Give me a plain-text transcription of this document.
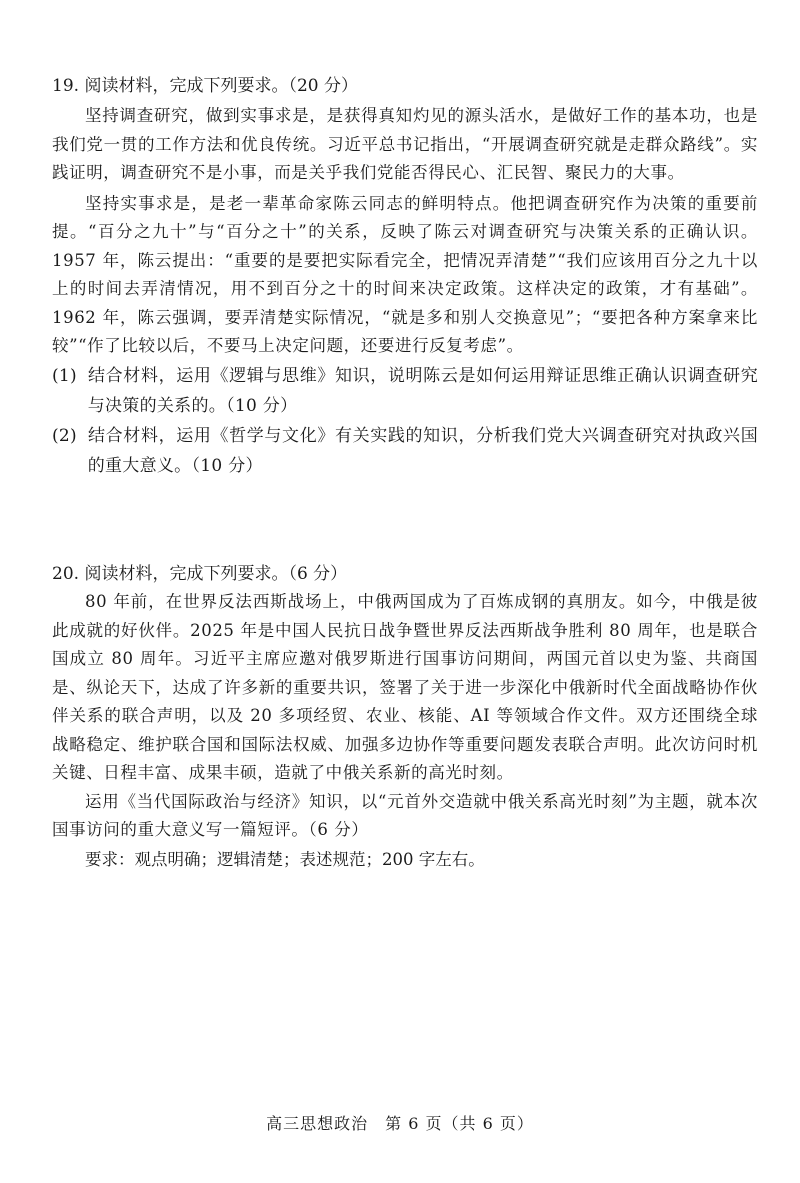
19. 阅读材料，完成下列要求。（20 分）

坚持调查研究，做到实事求是，是获得真知灼见的源头活水，是做好工作的基本功，也是我们党一贯的工作方法和优良传统。习近平总书记指出，“开展调查研究就是走群众路线”。实践证明，调查研究不是小事，而是关乎我们党能否得民心、汇民智、聚民力的大事。

坚持实事求是，是老一辈革命家陈云同志的鲜明特点。他把调查研究作为决策的重要前提。“百分之九十”与“百分之十”的关系，反映了陈云对调查研究与决策关系的正确认识。1957 年，陈云提出：“重要的是要把实际看完全，把情况弄清楚”“我们应该用百分之九十以上的时间去弄清情况，用不到百分之十的时间来决定政策。这样决定的政策，才有基础”。1962 年，陈云强调，要弄清楚实际情况，“就是多和别人交换意见”；“要把各种方案拿来比较”“作了比较以后，不要马上决定问题，还要进行反复考虑”。

(1) 结合材料，运用《逻辑与思维》知识，说明陈云是如何运用辩证思维正确认识调查研究与决策的关系的。（10 分）

(2) 结合材料，运用《哲学与文化》有关实践的知识，分析我们党大兴调查研究对执政兴国的重大意义。（10 分）

20. 阅读材料，完成下列要求。（6 分）

80 年前，在世界反法西斯战场上，中俄两国成为了百炼成钢的真朋友。如今，中俄是彼此成就的好伙伴。2025 年是中国人民抗日战争暨世界反法西斯战争胜利 80 周年，也是联合国成立 80 周年。习近平主席应邀对俄罗斯进行国事访问期间，两国元首以史为鉴、共商国是、纵论天下，达成了许多新的重要共识，签署了关于进一步深化中俄新时代全面战略协作伙伴关系的联合声明，以及 20 多项经贸、农业、核能、AI 等领域合作文件。双方还围绕全球战略稳定、维护联合国和国际法权威、加强多边协作等重要问题发表联合声明。此次访问时机关键、日程丰富、成果丰硕，造就了中俄关系新的高光时刻。

运用《当代国际政治与经济》知识，以“元首外交造就中俄关系高光时刻”为主题，就本次国事访问的重大意义写一篇短评。（6 分）

要求：观点明确；逻辑清楚；表述规范；200 字左右。

高三思想政治　第 6 页（共 6 页）
